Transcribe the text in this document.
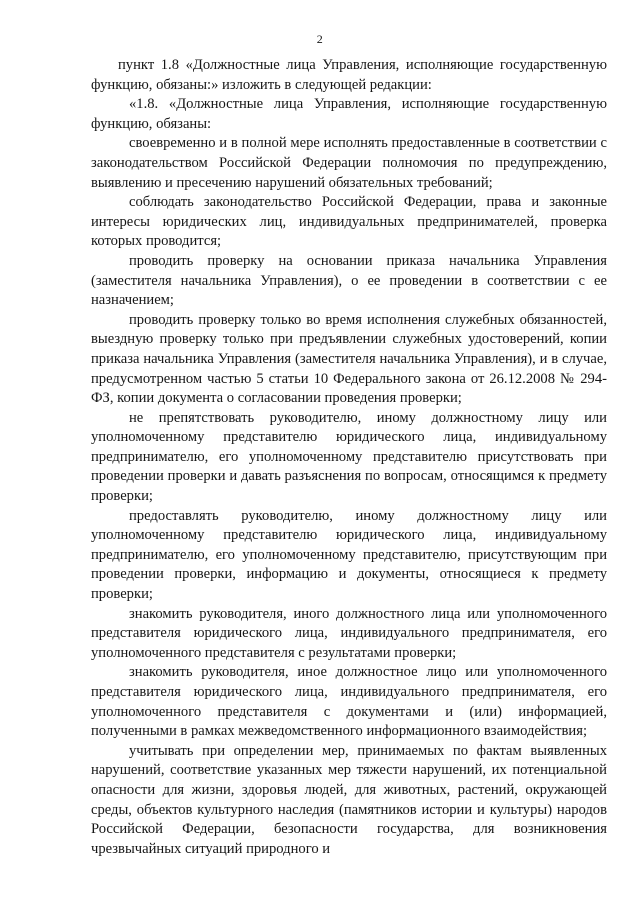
2

пункт 1.8 «Должностные лица Управления, исполняющие государственную функцию, обязаны:» изложить в следующей редакции:

«1.8. «Должностные лица Управления, исполняющие государственную функцию, обязаны:

своевременно и в полной мере исполнять предоставленные в соответствии с законодательством Российской Федерации полномочия по предупреждению, выявлению и пресечению нарушений обязательных требований;

соблюдать законодательство Российской Федерации, права и законные интересы юридических лиц, индивидуальных предпринимателей, проверка которых проводится;

проводить проверку на основании приказа начальника Управления (заместителя начальника Управления), о ее проведении в соответствии с ее назначением;

проводить проверку только во время исполнения служебных обязанностей, выездную проверку только при предъявлении служебных удостоверений, копии приказа начальника Управления (заместителя начальника Управления), и в случае, предусмотренном частью 5 статьи 10 Федерального закона от 26.12.2008 № 294-ФЗ, копии документа о согласовании проведения проверки;

не препятствовать руководителю, иному должностному лицу или уполномоченному представителю юридического лица, индивидуальному предпринимателю, его уполномоченному представителю присутствовать при проведении проверки и давать разъяснения по вопросам, относящимся к предмету проверки;

предоставлять руководителю, иному должностному лицу или уполномоченному представителю юридического лица, индивидуальному предпринимателю, его уполномоченному представителю, присутствующим при проведении проверки, информацию и документы, относящиеся к предмету проверки;

знакомить руководителя, иного должностного лица или уполномоченного представителя юридического лица, индивидуального предпринимателя, его уполномоченного представителя с результатами проверки;

знакомить руководителя, иное должностное лицо или уполномоченного представителя юридического лица, индивидуального предпринимателя, его уполномоченного представителя с документами и (или) информацией, полученными в рамках межведомственного информационного взаимодействия;

учитывать при определении мер, принимаемых по фактам выявленных нарушений, соответствие указанных мер тяжести нарушений, их потенциальной опасности для жизни, здоровья людей, для животных, растений, окружающей среды, объектов культурного наследия (памятников истории и культуры) народов Российской Федерации, безопасности государства, для возникновения чрезвычайных ситуаций природного и
